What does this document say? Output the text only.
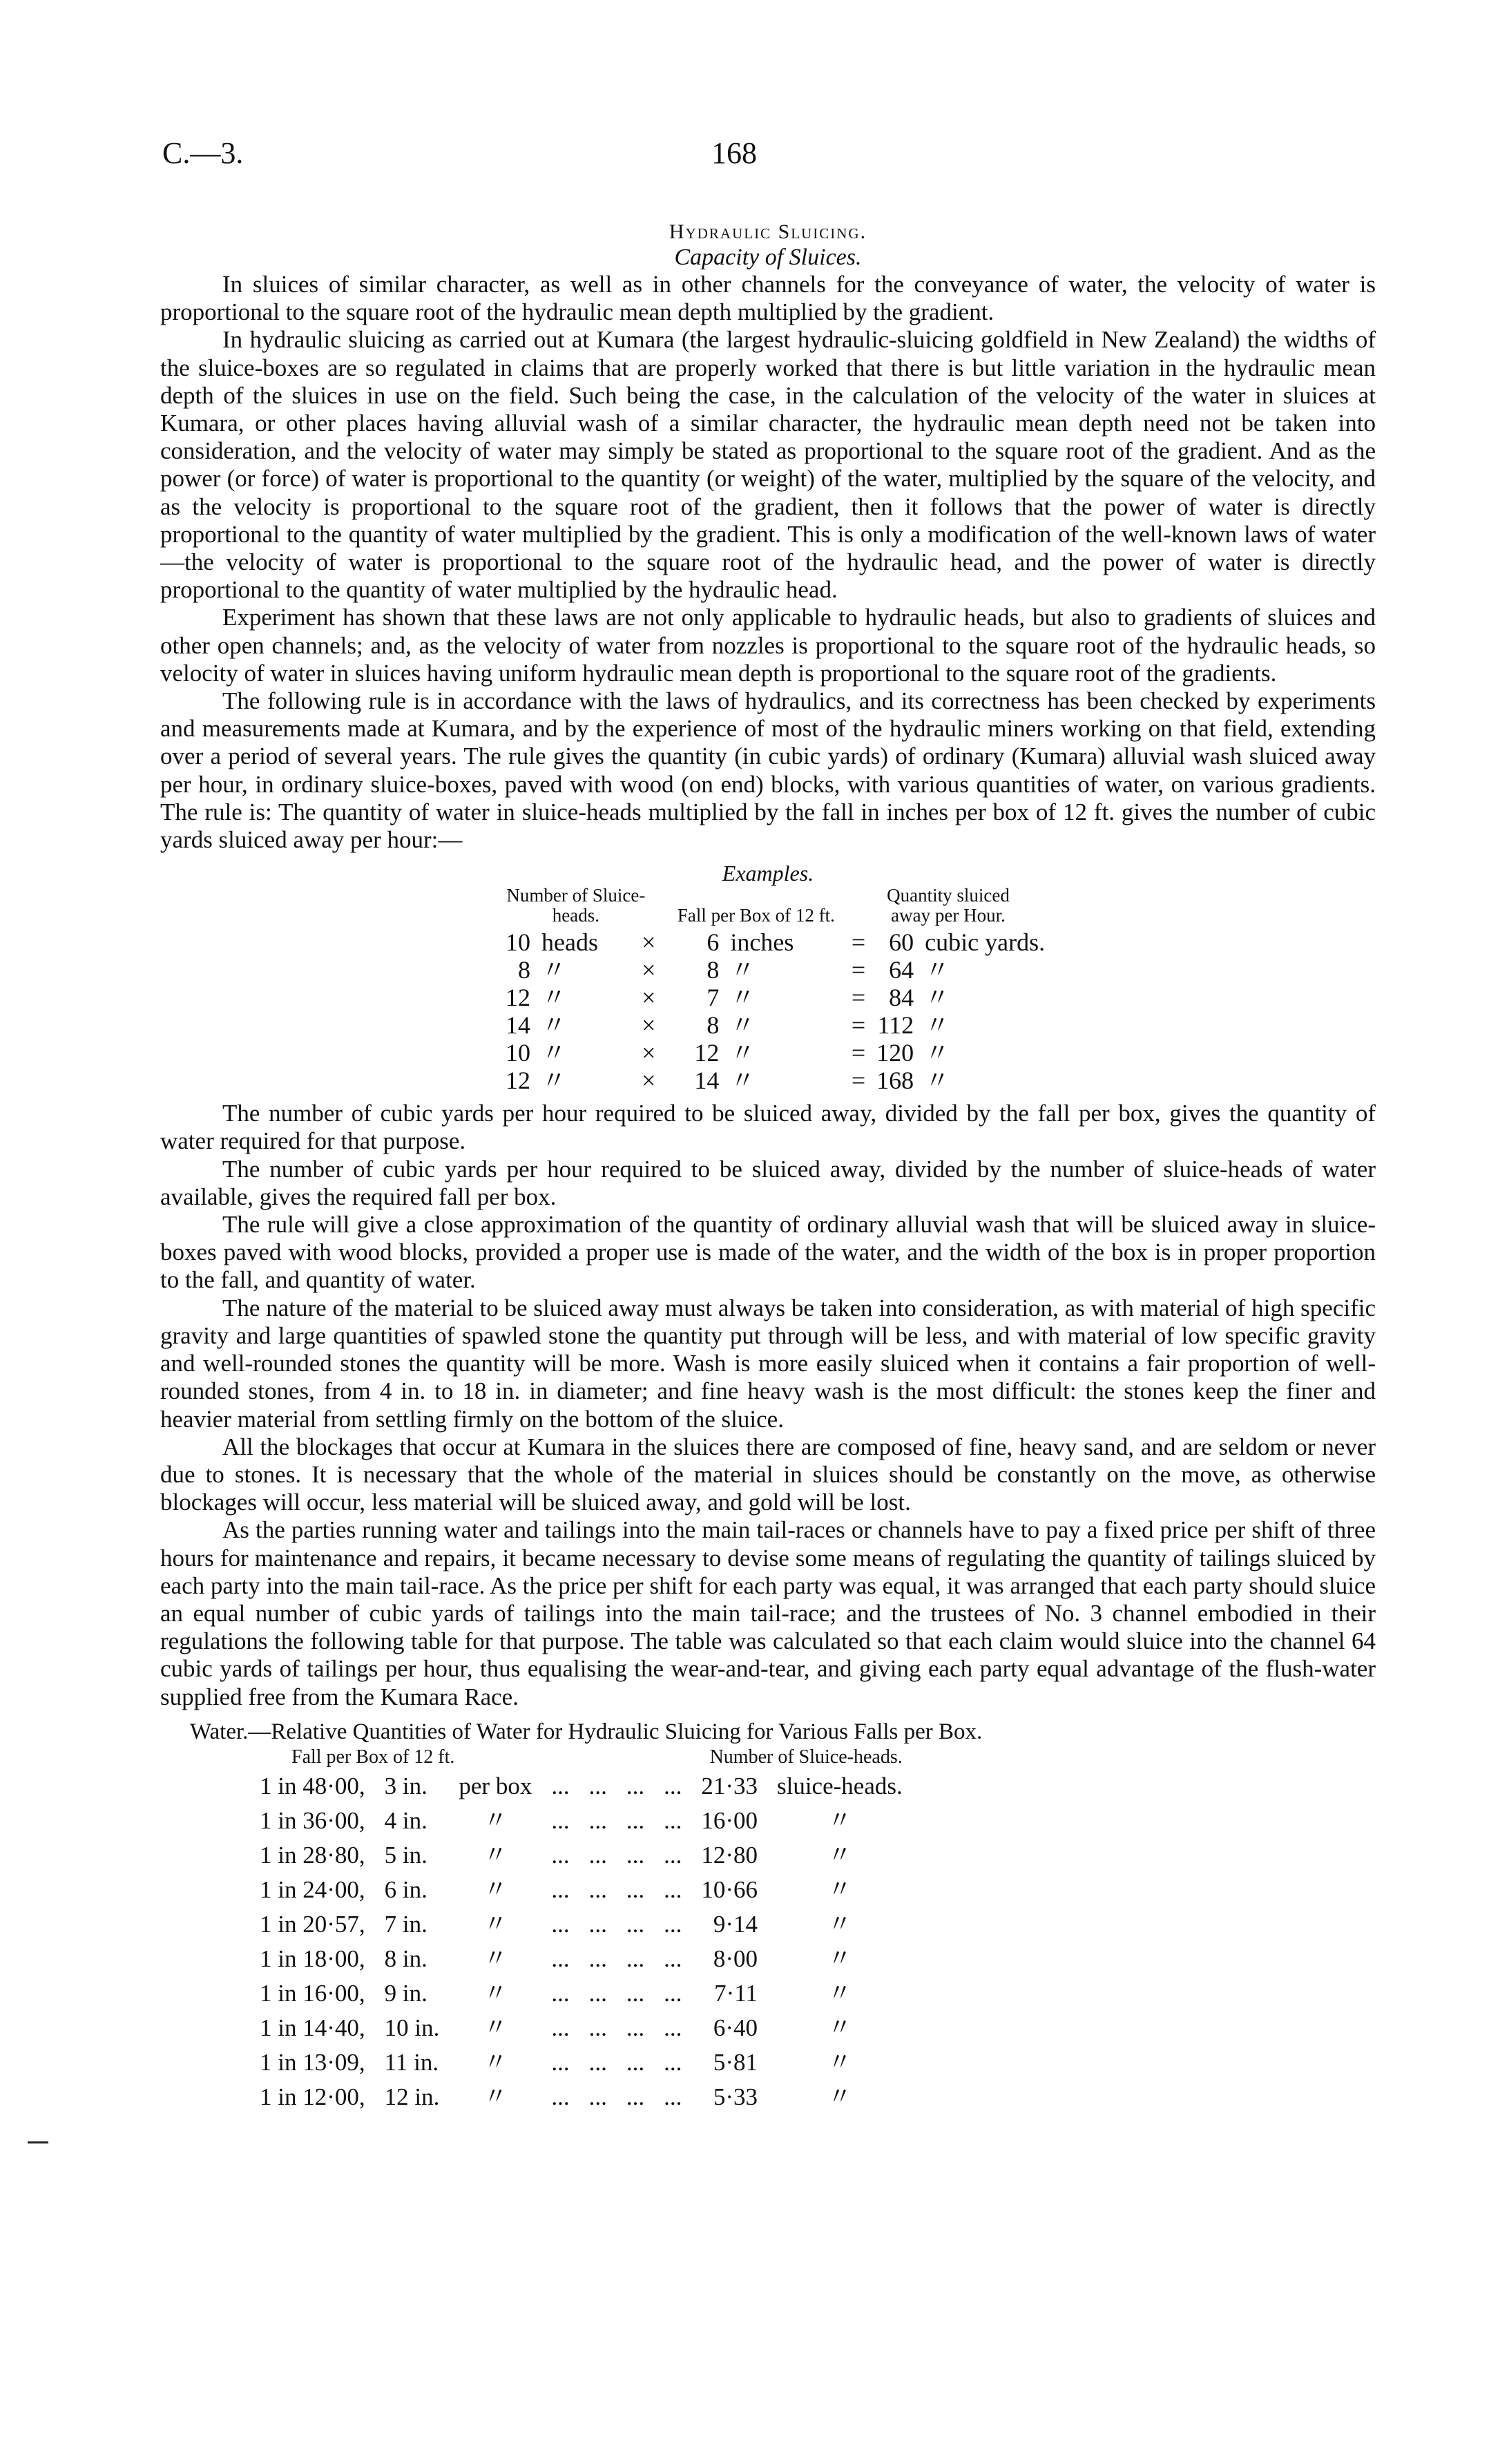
C.—3.	168
Hydraulic Sluicing.
Capacity of Sluices.

In sluices of similar character, as well as in other channels for the conveyance of water, the velocity of water is proportional to the square root of the hydraulic mean depth multiplied by the gradient.

In hydraulic sluicing as carried out at Kumara (the largest hydraulic-sluicing goldfield in New Zealand) the widths of the sluice-boxes are so regulated in claims that are properly worked that there is but little variation in the hydraulic mean depth of the sluices in use on the field. Such being the case, in the calculation of the velocity of the water in sluices at Kumara, or other places having alluvial wash of a similar character, the hydraulic mean depth need not be taken into consideration, and the velocity of water may simply be stated as proportional to the square root of the gradient. And as the power (or force) of water is proportional to the quantity (or weight) of the water, multiplied by the square of the velocity, and as the velocity is proportional to the square root of the gradient, then it follows that the power of water is directly proportional to the quantity of water multiplied by the gradient. This is only a modification of the well-known laws of water—the velocity of water is proportional to the square root of the hydraulic head, and the power of water is directly proportional to the quantity of water multiplied by the hydraulic head.

Experiment has shown that these laws are not only applicable to hydraulic heads, but also to gradients of sluices and other open channels; and, as the velocity of water from nozzles is proportional to the square root of the hydraulic heads, so velocity of water in sluices having uniform hydraulic mean depth is proportional to the square root of the gradients.

The following rule is in accordance with the laws of hydraulics, and its correctness has been checked by experiments and measurements made at Kumara, and by the experience of most of the hydraulic miners working on that field, extending over a period of several years. The rule gives the quantity (in cubic yards) of ordinary (Kumara) alluvial wash sluiced away per hour, in ordinary sluice-boxes, paved with wood (on end) blocks, with various quantities of water, on various gradients. The rule is: The quantity of water in sluice-heads multiplied by the fall in inches per box of 12 ft. gives the number of cubic yards sluiced away per hour:—

Examples.
Number of Sluice-heads.			Fall per Box of 12 ft.		Quantity sluiced away per Hour.		

10	heads	×	6	inches	=	60	cubic yards.
8	〃	×	8	〃	=	64	〃
12	〃	×	7	〃	=	84	〃
14	〃	×	8	〃	=	112	〃
10	〃	×	12	〃	=	120	〃
12	〃	×	14	〃	=	168	〃

The number of cubic yards per hour required to be sluiced away, divided by the fall per box, gives the quantity of water required for that purpose.

The number of cubic yards per hour required to be sluiced away, divided by the number of sluice-heads of water available, gives the required fall per box.

The rule will give a close approximation of the quantity of ordinary alluvial wash that will be sluiced away in sluice-boxes paved with wood blocks, provided a proper use is made of the water, and the width of the box is in proper proportion to the fall, and quantity of water.

The nature of the material to be sluiced away must always be taken into consideration, as with material of high specific gravity and large quantities of spawled stone the quantity put through will be less, and with material of low specific gravity and well-rounded stones the quantity will be more. Wash is more easily sluiced when it contains a fair proportion of well-rounded stones, from 4 in. to 18 in. in diameter; and fine heavy wash is the most difficult: the stones keep the finer and heavier material from settling firmly on the bottom of the sluice.

All the blockages that occur at Kumara in the sluices there are composed of fine, heavy sand, and are seldom or never due to stones. It is necessary that the whole of the material in sluices should be constantly on the move, as otherwise blockages will occur, less material will be sluiced away, and gold will be lost.

As the parties running water and tailings into the main tail-races or channels have to pay a fixed price per shift of three hours for maintenance and repairs, it became necessary to devise some means of regulating the quantity of tailings sluiced by each party into the main tail-race. As the price per shift for each party was equal, it was arranged that each party should sluice an equal number of cubic yards of tailings into the main tail-race; and the trustees of No. 3 channel embodied in their regulations the following table for that purpose. The table was calculated so that each claim would sluice into the channel 64 cubic yards of tailings per hour, thus equalising the wear-and-tear, and giving each party equal advantage of the flush-water supplied free from the Kumara Race.

Water.—Relative Quantities of Water for Hydraulic Sluicing for Various Falls per Box.
Fall per Box of 12 ft.						Number of Sluice-heads.		
1 in 48·00,	3 in.	per box	...	...	...	...	21·33	sluice-heads.
1 in 36·00,	4 in.	〃	...	...	...	...	16·00	〃
1 in 28·80,	5 in.	〃	...	...	...	...	12·80	〃
1 in 24·00,	6 in.	〃	...	...	...	...	10·66	〃
1 in 20·57,	7 in.	〃	...	...	...	...	9·14	〃
1 in 18·00,	8 in.	〃	...	...	...	...	8·00	〃
1 in 16·00,	9 in.	〃	...	...	...	...	7·11	〃
1 in 14·40,	10 in.	〃	...	...	...	...	6·40	〃
1 in 13·09,	11 in.	〃	...	...	...	...	5·81	〃
1 in 12·00,	12 in.	〃	...	...	...	...	5·33	〃
